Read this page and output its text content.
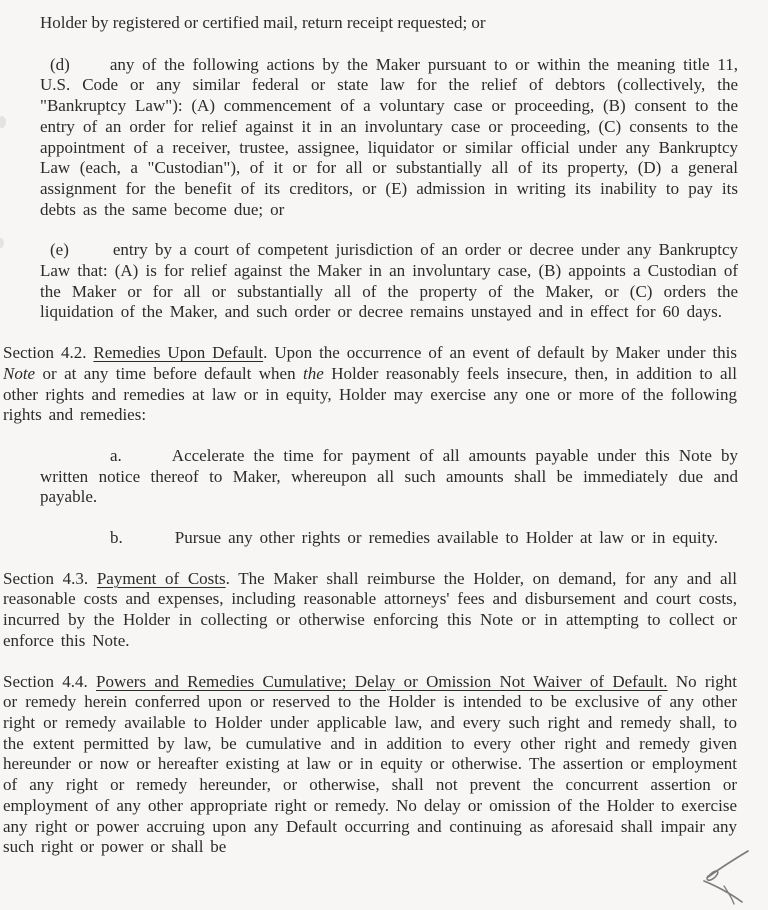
Holder by registered or certified mail, return receipt requested; or

(d) any of the following actions by the Maker pursuant to or within the meaning title 11, U.S. Code or any similar federal or state law for the relief of debtors (collectively, the "Bankruptcy Law"): (A) commencement of a voluntary case or proceeding, (B) consent to the entry of an order for relief against it in an involuntary case or proceeding, (C) consents to the appointment of a receiver, trustee, assignee, liquidator or similar official under any Bankruptcy Law (each, a "Custodian"), of it or for all or substantially all of its property, (D) a general assignment for the benefit of its creditors, or (E) admission in writing its inability to pay its debts as the same become due; or

(e)	entry by a court of competent jurisdiction of an order or decree under any Bankruptcy Law that: (A) is for relief against the Maker in an involuntary case, (B) appoints a Custodian of the Maker or for all or substantially all of the property of the Maker, or (C) orders the liquidation of the Maker, and such order or decree remains unstayed and in effect for 60 days.

Section 4.2. Remedies Upon Default. Upon the occurrence of an event of default by Maker under this Note or at any time before default when the Holder reasonably feels insecure, then, in addition to all other rights and remedies at law or in equity, Holder may exercise any one or more of the following rights and remedies:

a.	Accelerate the time for payment of all amounts payable under this Note by written notice thereof to Maker, whereupon all such amounts shall be immediately due and payable.

b.	Pursue any other rights or remedies available to Holder at law or in equity.

Section 4.3. Payment of Costs. The Maker shall reimburse the Holder, on demand, for any and all reasonable costs and expenses, including reasonable attorneys' fees and disbursement and court costs, incurred by the Holder in collecting or otherwise enforcing this Note or in attempting to collect or enforce this Note.

Section 4.4. Powers and Remedies Cumulative; Delay or Omission Not Waiver of Default. No right or remedy herein conferred upon or reserved to the Holder is intended to be exclusive of any other right or remedy available to Holder under applicable law, and every such right and remedy shall, to the extent permitted by law, be cumulative and in addition to every other right and remedy given hereunder or now or hereafter existing at law or in equity or otherwise. The assertion or employment of any right or remedy hereunder, or otherwise, shall not prevent the concurrent assertion or employment of any other appropriate right or remedy. No delay or omission of the Holder to exercise any right or power accruing upon any Default occurring and continuing as aforesaid shall impair any such right or power or shall be
